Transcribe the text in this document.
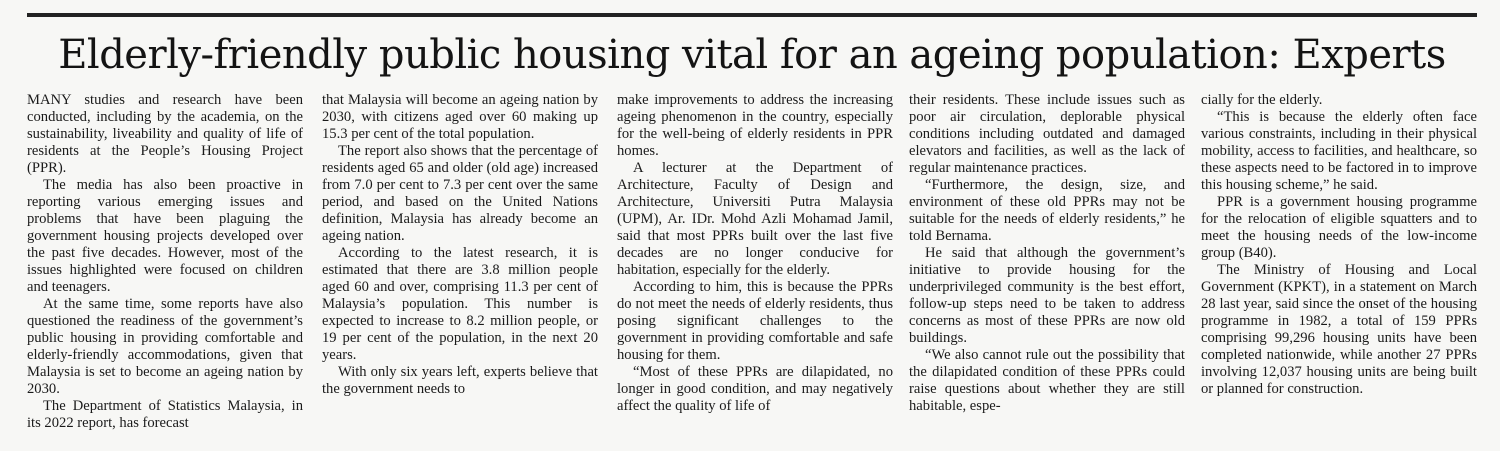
Elderly-friendly public housing vital for an ageing population: Experts

MANY studies and research have been conducted, including by the academia, on the sustainability, liveability and quality of life of residents at the People’s Housing Project (PPR).

The media has also been proactive in reporting various emerging issues and problems that have been plaguing the government housing projects developed over the past five decades. However, most of the issues highlighted were focused on children and teenagers.

At the same time, some reports have also questioned the readiness of the government’s public housing in providing comfortable and elderly-friendly accommodations, given that Malaysia is set to become an ageing nation by 2030.

The Department of Statistics Malaysia, in its 2022 report, has forecast

that Malaysia will become an ageing nation by 2030, with citizens aged over 60 making up 15.3 per cent of the total population.

The report also shows that the percentage of residents aged 65 and older (old age) increased from 7.0 per cent to 7.3 per cent over the same period, and based on the United Nations definition, Malaysia has already become an ageing nation.

According to the latest research, it is estimated that there are 3.8 million people aged 60 and over, comprising 11.3 per cent of Malaysia’s population. This number is expected to increase to 8.2 million people, or 19 per cent of the population, in the next 20 years.

With only six years left, experts believe that the government needs to

make improvements to address the increasing ageing phenomenon in the country, especially for the well-being of elderly residents in PPR homes.

A lecturer at the Department of Architecture, Faculty of Design and Architecture, Universiti Putra Malaysia (UPM), Ar. IDr. Mohd Azli Mohamad Jamil, said that most PPRs built over the last five decades are no longer conducive for habitation, especially for the elderly.

According to him, this is because the PPRs do not meet the needs of elderly residents, thus posing significant challenges to the government in providing comfortable and safe housing for them.

“Most of these PPRs are dilapidated, no longer in good condition, and may negatively affect the quality of life of

their residents. These include issues such as poor air circulation, deplorable physical conditions including outdated and damaged elevators and facilities, as well as the lack of regular maintenance practices.

“Furthermore, the design, size, and environment of these old PPRs may not be suitable for the needs of elderly residents,” he told Bernama.

He said that although the government’s initiative to provide housing for the underprivileged community is the best effort, follow-up steps need to be taken to address concerns as most of these PPRs are now old buildings.

“We also cannot rule out the possibility that the dilapidated condition of these PPRs could raise questions about whether they are still habitable, espe-

cially for the elderly.

“This is because the elderly often face various constraints, including in their physical mobility, access to facilities, and healthcare, so these aspects need to be factored in to improve this housing scheme,” he said.

PPR is a government housing programme for the relocation of eligible squatters and to meet the housing needs of the low-income group (B40).

The Ministry of Housing and Local Government (KPKT), in a statement on March 28 last year, said since the onset of the housing programme in 1982, a total of 159 PPRs comprising 99,296 housing units have been completed nationwide, while another 27 PPRs involving 12,037 housing units are being built or planned for construction.
